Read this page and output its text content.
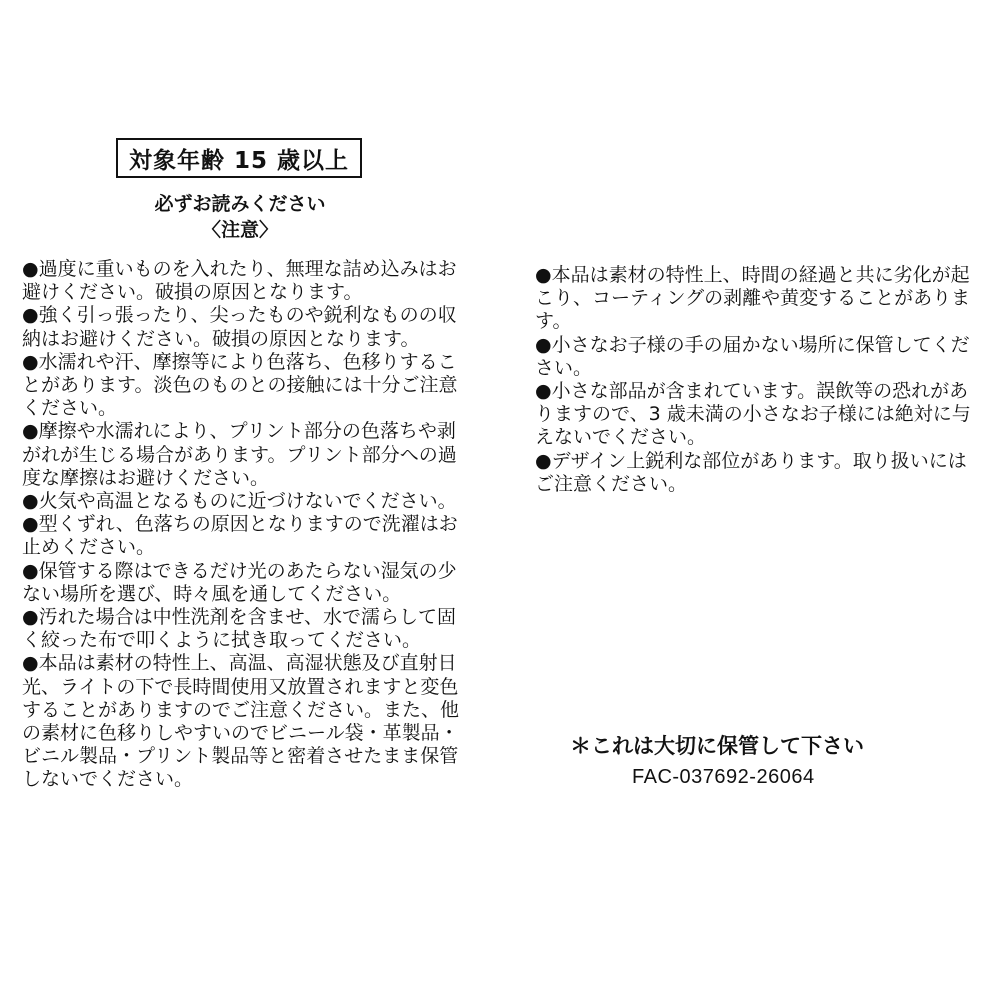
対象年齢 15 歳以上
必ずお読みください
〈注意〉

●過度に重いものを入れたり、無理な詰め込みはお避けください。破損の原因となります。

●強く引っ張ったり、尖ったものや鋭利なものの収納はお避けください。破損の原因となります。

●水濡れや汗、摩擦等により色落ち、色移りすることがあります。淡色のものとの接触には十分ご注意ください。

●摩擦や水濡れにより、プリント部分の色落ちや剥がれが生じる場合があります。プリント部分への過度な摩擦はお避けください。

●火気や高温となるものに近づけないでください。

●型くずれ、色落ちの原因となりますので洗濯はお止めください。

●保管する際はできるだけ光のあたらない湿気の少ない場所を選び、時々風を通してください。

●汚れた場合は中性洗剤を含ませ、水で濡らして固く絞った布で叩くように拭き取ってください。

●本品は素材の特性上、高温、高湿状態及び直射日光、ライトの下で長時間使用又放置されますと変色することがありますのでご注意ください。また、他の素材に色移りしやすいのでビニール袋・革製品・ビニル製品・プリント製品等と密着させたまま保管しないでください。

●本品は素材の特性上、時間の経過と共に劣化が起こり、コーティングの剥離や黄変することがあります。

●小さなお子様の手の届かない場所に保管してください。

●小さな部品が含まれています。誤飲等の恐れがありますので、3 歳未満の小さなお子様には絶対に与えないでください。

●デザイン上鋭利な部位があります。取り扱いにはご注意ください。

＊これは大切に保管して下さい
FAC-037692-26064
